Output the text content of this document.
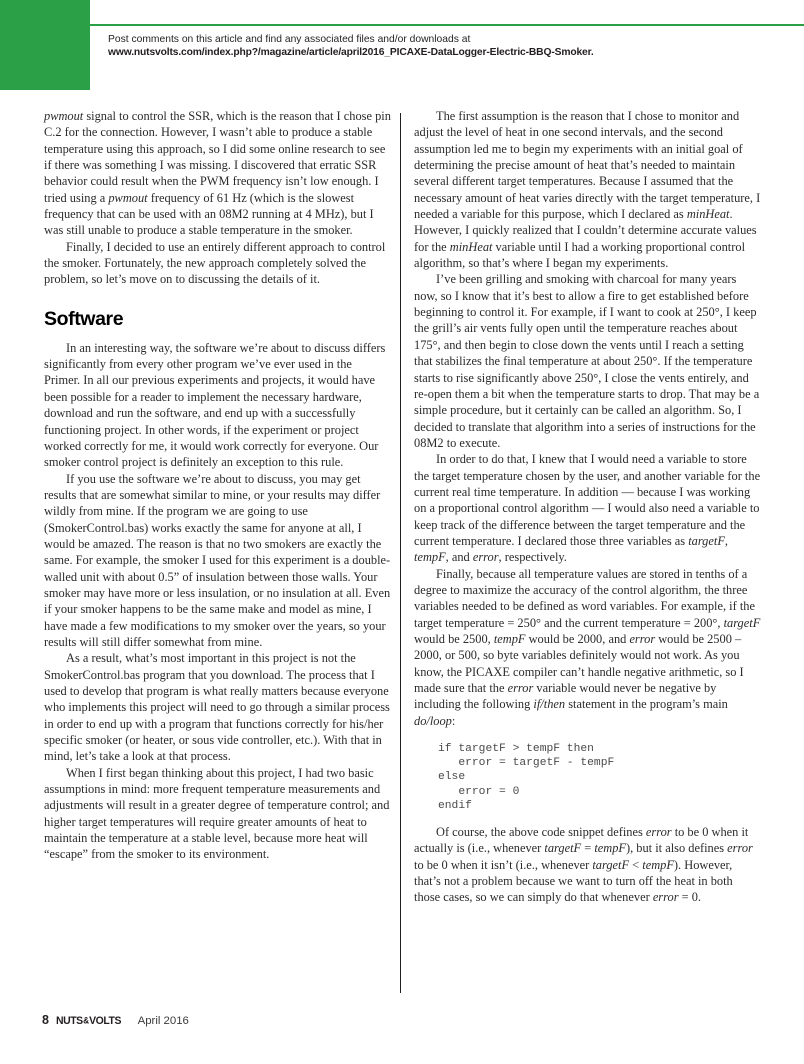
Post comments on this article and find any associated files and/or downloads at www.nutsvolts.com/index.php?/magazine/article/april2016_PICAXE-DataLogger-Electric-BBQ-Smoker.

pwmout signal to control the SSR, which is the reason that I chose pin C.2 for the connection. However, I wasn’t able to produce a stable temperature using this approach, so I did some online research to see if there was something I was missing. I discovered that erratic SSR behavior could result when the PWM frequency isn’t low enough. I tried using a pwmout frequency of 61 Hz (which is the slowest frequency that can be used with an 08M2 running at 4 MHz), but I was still unable to produce a stable temperature in the smoker.

Finally, I decided to use an entirely different approach to control the smoker. Fortunately, the new approach completely solved the problem, so let’s move on to discussing the details of it.

Software

In an interesting way, the software we’re about to discuss differs significantly from every other program we’ve ever used in the Primer. In all our previous experiments and projects, it would have been possible for a reader to implement the necessary hardware, download and run the software, and end up with a successfully functioning project. In other words, if the experiment or project worked correctly for me, it would work correctly for everyone. Our smoker control project is definitely an exception to this rule.

If you use the software we’re about to discuss, you may get results that are somewhat similar to mine, or your results may differ wildly from mine. If the program we are going to use (SmokerControl.bas) works exactly the same for anyone at all, I would be amazed. The reason is that no two smokers are exactly the same. For example, the smoker I used for this experiment is a double-walled unit with about 0.5” of insulation between those walls. Your smoker may have more or less insulation, or no insulation at all. Even if your smoker happens to be the same make and model as mine, I have made a few modifications to my smoker over the years, so your results will still differ somewhat from mine.

As a result, what’s most important in this project is not the SmokerControl.bas program that you download. The process that I used to develop that program is what really matters because everyone who implements this project will need to go through a similar process in order to end up with a program that functions correctly for his/her specific smoker (or heater, or sous vide controller, etc.). With that in mind, let’s take a look at that process.

When I first began thinking about this project, I had two basic assumptions in mind: more frequent temperature measurements and adjustments will result in a greater degree of temperature control; and higher target temperatures will require greater amounts of heat to maintain the temperature at a stable level, because more heat will “escape” from the smoker to its environment.

The first assumption is the reason that I chose to monitor and adjust the level of heat in one second intervals, and the second assumption led me to begin my experiments with an initial goal of determining the precise amount of heat that’s needed to maintain several different target temperatures. Because I assumed that the necessary amount of heat varies directly with the target temperature, I needed a variable for this purpose, which I declared as minHeat. However, I quickly realized that I couldn’t determine accurate values for the minHeat variable until I had a working proportional control algorithm, so that’s where I began my experiments.

I’ve been grilling and smoking with charcoal for many years now, so I know that it’s best to allow a fire to get established before beginning to control it. For example, if I want to cook at 250°, I keep the grill’s air vents fully open until the temperature reaches about 175°, and then begin to close down the vents until I reach a setting that stabilizes the final temperature at about 250°. If the temperature starts to rise significantly above 250°, I close the vents entirely, and re-open them a bit when the temperature starts to drop. That may be a simple procedure, but it certainly can be called an algorithm. So, I decided to translate that algorithm into a series of instructions for the 08M2 to execute.

In order to do that, I knew that I would need a variable to store the target temperature chosen by the user, and another variable for the current real time temperature. In addition — because I was working on a proportional control algorithm — I would also need a variable to keep track of the difference between the target temperature and the current temperature. I declared those three variables as targetF, tempF, and error, respectively.

Finally, because all temperature values are stored in tenths of a degree to maximize the accuracy of the control algorithm, the three variables needed to be defined as word variables. For example, if the target temperature = 250° and the current temperature = 200°, targetF would be 2500, tempF would be 2000, and error would be 2500 – 2000, or 500, so byte variables definitely would not work. As you know, the PICAXE compiler can’t handle negative arithmetic, so I made sure that the error variable would never be negative by including the following if/then statement in the program’s main do/loop:

if targetF > tempF then
error = targetF - tempF
else
error = 0
endif

Of course, the above code snippet defines error to be 0 when it actually is (i.e., whenever targetF = tempF), but it also defines error to be 0 when it isn’t (i.e., whenever targetF < tempF). However, that’s not a problem because we want to turn off the heat in both those cases, so we can simply do that whenever error = 0.

8 NUTS & VOLTS April 2016
